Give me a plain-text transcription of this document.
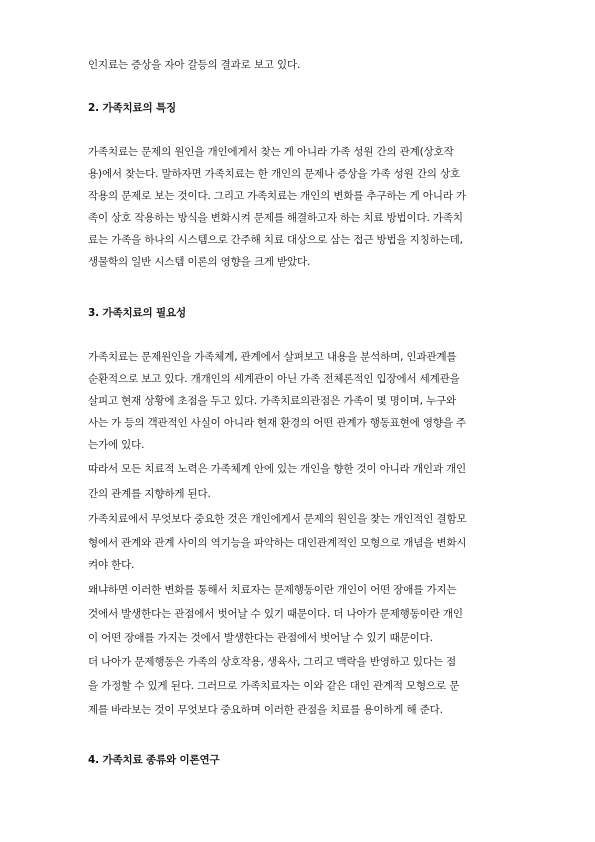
인지료는 증상을 자아 갈등의 결과로 보고 있다.
2. 가족치료의 특징
가족치료는 문제의 원인을 개인에게서 찾는 게 아니라 가족 성원 간의 관계(상호작
용)에서 찾는다. 말하자면 가족치료는 한 개인의 문제나 증상을 가족 성원 간의 상호
작용의 문제로 보는 것이다. 그리고 가족치료는 개인의 변화를 추구하는 게 아니라 가
족이 상호 작용하는 방식을 변화시켜 문제를 해결하고자 하는 치료 방법이다. 가족치
료는 가족을 하나의 시스템으로 간주해 치료 대상으로 삼는 접근 방법을 지칭하는데,
생물학의 일반 시스템 이론의 영향을 크게 받았다.
3. 가족치료의 필요성
가족치료는 문제원인을 가족체계, 관계에서 살펴보고 내용을 분석하며, 인과관계를
순환적으로 보고 있다. 개개인의 세계관이 아닌 가족 전체론적인 입장에서 세계관을
살피고 현재 상황에 초점을 두고 있다. 가족치료의관점은 가족이 몇 명이며, 누구와
사는 가 등의 객관적인 사실이 아니라 현재 환경의 어떤 관계가 행동표현에 영향을 주
는가에 있다.
따라서 모든 치료적 노력은 가족체계 안에 있는 개인을 향한 것이 아니라 개인과 개인
간의 관계를 지향하게 된다.
가족치료에서 무엇보다 중요한 것은 개인에게서 문제의 원인을 찾는 개인적인 결함모
형에서 관계와 관계 사이의 역기능을 파악하는 대인관계적인 모형으로 개념을 변화시
켜야 한다.
왜냐하면 이러한 변화를 통해서 치료자는 문제행동이란 개인이 어떤 장애를 가지는
것에서 발생한다는 관점에서 벗어날 수 있기 때문이다. 더 나아가 문제행동이란 개인
이 어떤 장애를 가지는 것에서 발생한다는 관점에서 벗어날 수 있기 때문이다.
더 나아가 문제행동은 가족의 상호작용, 생육사, 그리고 맥락을 반영하고 있다는 점
을 가정할 수 있게 된다. 그러므로 가족치료자는 이와 같은 대인 관계적 모형으로 문
제를 바라보는 것이 무엇보다 중요하며 이러한 관점을 치료를 용이하게 해 준다.
4. 가족치료 종류와 이론연구
